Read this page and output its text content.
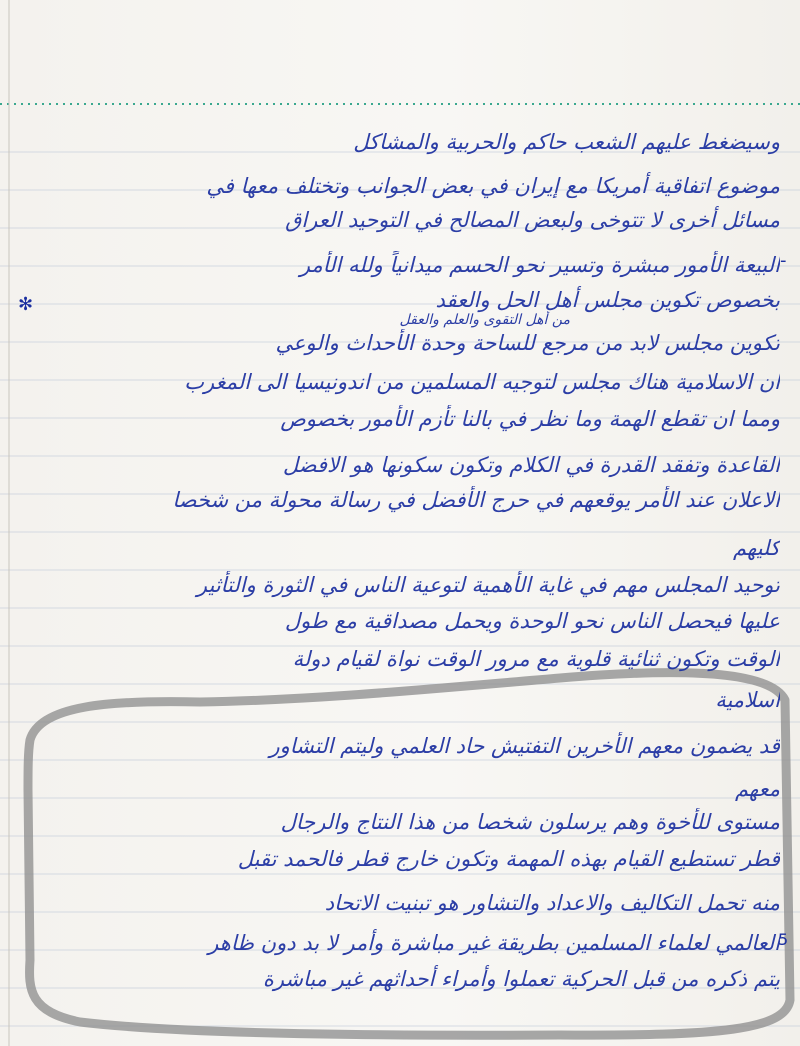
✻
-
5
وسيضغط عليهم الشعب حاكم والحربية والمشاكل
موضوع اتفاقية أمريكا مع إيران في بعض الجوانب وتختلف معها في
مسائل أخرى لا تتوخى ولبعض المصالح في التوحيد العراق
البيعة الأمور مبشرة وتسير نحو الحسم ميدانياً ولله الأمر
بخصوص تكوين مجلس أهل الحل والعقد
من أهل التقوى والعلم والعقل
تكوين مجلس لابد من مرجع للساحة وحدة الأحداث والوعي
ان الاسلامية هناك مجلس لتوجيه المسلمين من اندونيسيا الى المغرب
ومما ان تقطع الهمة وما نظر في بالنا تأزم الأمور بخصوص
القاعدة وتفقد القدرة في الكلام وتكون سكونها هو الافضل
الاعلان عند الأمر يوقعهم في حرج الأفضل في رسالة محولة من شخصا
كليهم
توحيد المجلس مهم في غاية الأهمية لتوعية الناس في الثورة والتأثير
عليها فيحصل الناس نحو الوحدة ويحمل مصداقية مع طول
الوقت وتكون ثنائية قلوية مع مرور الوقت نواة لقيام دولة
اسلامية
قد يضمون معهم الأخرين التفتيش حاد العلمي وليتم التشاور
معهم
مستوى للأخوة وهم يرسلون شخصا من هذا النتاج والرجال
قطر تستطيع القيام بهذه المهمة وتكون خارج قطر فالحمد تقبل
منه تحمل التكاليف والاعداد والتشاور هو تبنيت الاتحاد
العالمي لعلماء المسلمين بطريقة غير مباشرة وأمر لا بد دون ظاهر
يتم ذكره من قبل الحركية تعملوا وأمراء أحداثهم غير مباشرة
